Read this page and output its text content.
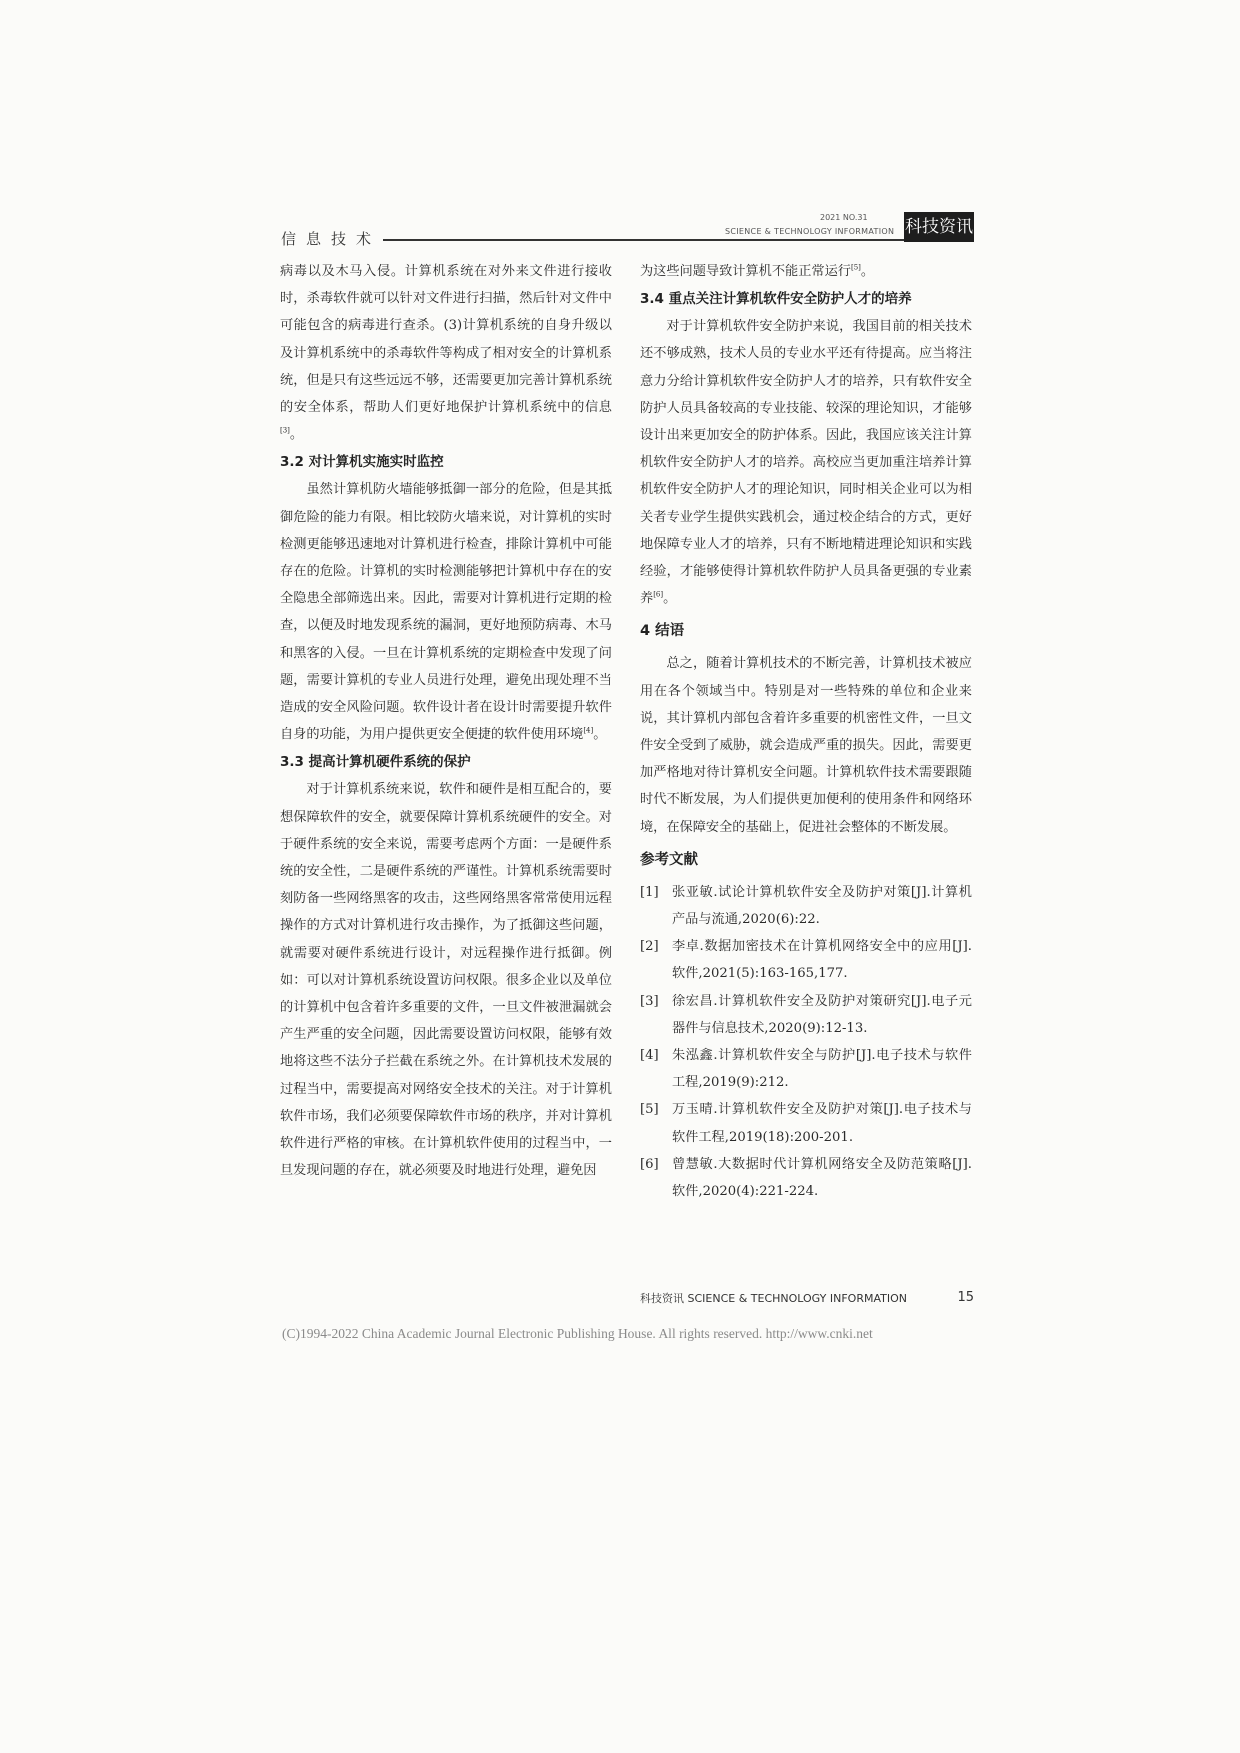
信息技术
2021 NO.31
SCIENCE & TECHNOLOGY INFORMATION 科技资讯

病毒以及木马入侵。计算机系统在对外来文件进行接收时，杀毒软件就可以针对文件进行扫描，然后针对文件中可能包含的病毒进行查杀。(3)计算机系统的自身升级以及计算机系统中的杀毒软件等构成了相对安全的计算机系统，但是只有这些远远不够，还需要更加完善计算机系统的安全体系，帮助人们更好地保护计算机系统中的信息[3]。

3.2 对计算机实施实时监控

虽然计算机防火墙能够抵御一部分的危险，但是其抵御危险的能力有限。相比较防火墙来说，对计算机的实时检测更能够迅速地对计算机进行检查，排除计算机中可能存在的危险。计算机的实时检测能够把计算机中存在的安全隐患全部筛选出来。因此，需要对计算机进行定期的检查，以便及时地发现系统的漏洞，更好地预防病毒、木马和黑客的入侵。一旦在计算机系统的定期检查中发现了问题，需要计算机的专业人员进行处理，避免出现处理不当造成的安全风险问题。软件设计者在设计时需要提升软件自身的功能，为用户提供更安全便捷的软件使用环境[4]。

3.3 提高计算机硬件系统的保护

对于计算机系统来说，软件和硬件是相互配合的，要想保障软件的安全，就要保障计算机系统硬件的安全。对于硬件系统的安全来说，需要考虑两个方面：一是硬件系统的安全性，二是硬件系统的严谨性。计算机系统需要时刻防备一些网络黑客的攻击，这些网络黑客常常使用远程操作的方式对计算机进行攻击操作，为了抵御这些问题，就需要对硬件系统进行设计，对远程操作进行抵御。例如：可以对计算机系统设置访问权限。很多企业以及单位的计算机中包含着许多重要的文件，一旦文件被泄漏就会产生严重的安全问题，因此需要设置访问权限，能够有效地将这些不法分子拦截在系统之外。在计算机技术发展的过程当中，需要提高对网络安全技术的关注。对于计算机软件市场，我们必须要保障软件市场的秩序，并对计算机软件进行严格的审核。在计算机软件使用的过程当中，一旦发现问题的存在，就必须要及时地进行处理，避免因

为这些问题导致计算机不能正常运行[5]。

3.4 重点关注计算机软件安全防护人才的培养

对于计算机软件安全防护来说，我国目前的相关技术还不够成熟，技术人员的专业水平还有待提高。应当将注意力分给计算机软件安全防护人才的培养，只有软件安全防护人员具备较高的专业技能、较深的理论知识，才能够设计出来更加安全的防护体系。因此，我国应该关注计算机软件安全防护人才的培养。高校应当更加重注培养计算机软件安全防护人才的理论知识，同时相关企业可以为相关者专业学生提供实践机会，通过校企结合的方式，更好地保障专业人才的培养，只有不断地精进理论知识和实践经验，才能够使得计算机软件防护人员具备更强的专业素养[6]。

4 结语

总之，随着计算机技术的不断完善，计算机技术被应用在各个领域当中。特别是对一些特殊的单位和企业来说，其计算机内部包含着许多重要的机密性文件，一旦文件安全受到了威胁，就会造成严重的损失。因此，需要更加严格地对待计算机安全问题。计算机软件技术需要跟随时代不断发展，为人们提供更加便利的使用条件和网络环境，在保障安全的基础上，促进社会整体的不断发展。

参考文献

[1] 张亚敏.试论计算机软件安全及防护对策[J].计算机产品与流通,2020(6):22.
[2] 李卓.数据加密技术在计算机网络安全中的应用[J].软件,2021(5):163-165,177.
[3] 徐宏昌.计算机软件安全及防护对策研究[J].电子元器件与信息技术,2020(9):12-13.
[4] 朱泓鑫.计算机软件安全与防护[J].电子技术与软件工程,2019(9):212.
[5] 万玉晴.计算机软件安全及防护对策[J].电子技术与软件工程,2019(18):200-201.
[6] 曾慧敏.大数据时代计算机网络安全及防范策略[J].软件,2020(4):221-224.
科技资讯 SCIENCE & TECHNOLOGY INFORMATION	15
(C)1994-2022 China Academic Journal Electronic Publishing House. All rights reserved. http://www.cnki.net
